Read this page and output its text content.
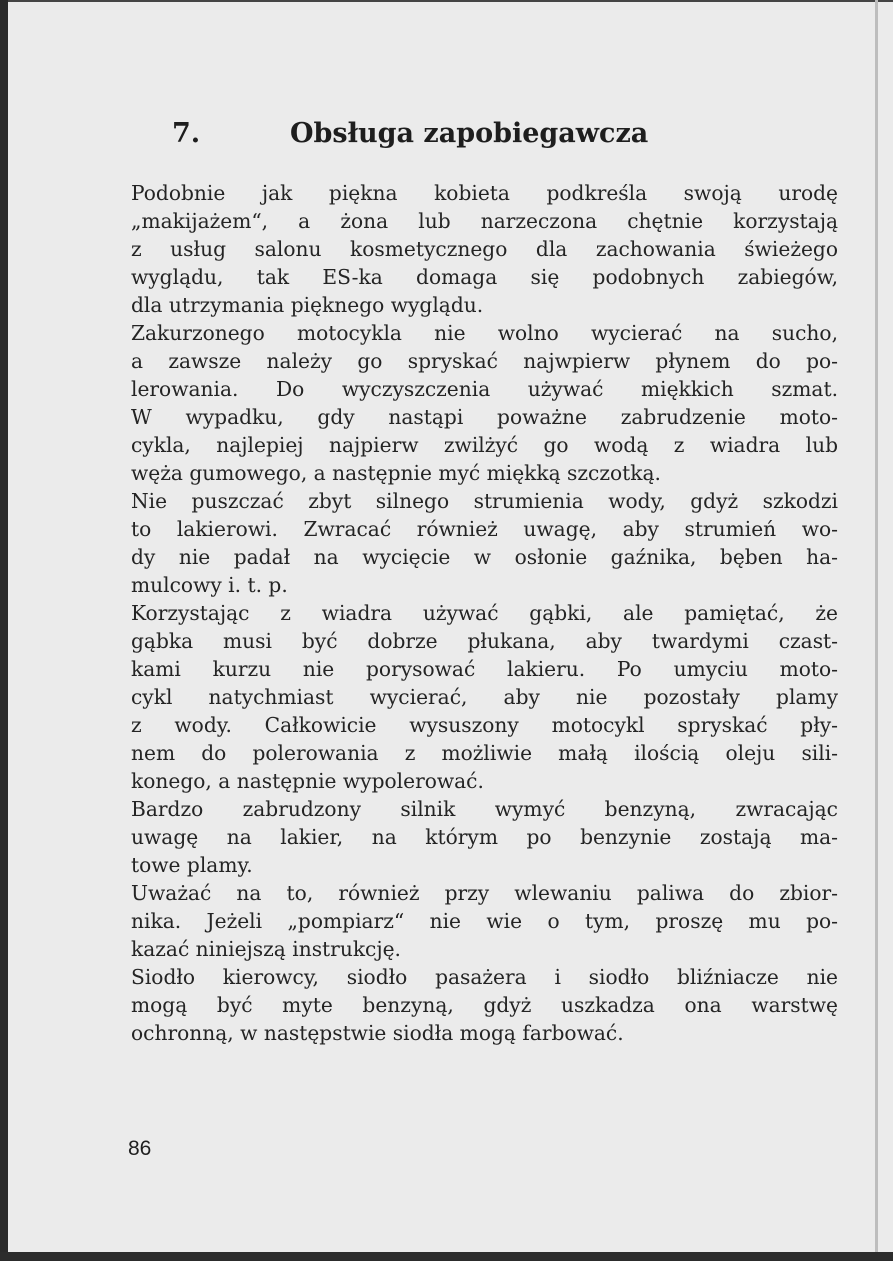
7.	Obsługa zapobiegawcza

Podobnie jak piękna kobieta podkreśla swoją urodę
„makijażem“, a żona lub narzeczona chętnie korzystają
z usług salonu kosmetycznego dla zachowania świeżego
wyglądu, tak ES-ka domaga się podobnych zabiegów,
dla utrzymania pięknego wyglądu.

Zakurzonego motocykla nie wolno wycierać na sucho,
a zawsze należy go spryskać najwpierw płynem do po-
lerowania. Do wyczyszczenia używać miękkich szmat.
W wypadku, gdy nastąpi poważne zabrudzenie moto-
cykla, najlepiej najpierw zwilżyć go wodą z wiadra lub
węża gumowego, a następnie myć miękką szczotką.

Nie puszczać zbyt silnego strumienia wody, gdyż szkodzi
to lakierowi. Zwracać również uwagę, aby strumień wo-
dy nie padał na wycięcie w osłonie gaźnika, bęben ha-
mulcowy i. t. p.

Korzystając z wiadra używać gąbki, ale pamiętać, że
gąbka musi być dobrze płukana, aby twardymi czast-
kami kurzu nie porysować lakieru. Po umyciu moto-
cykl natychmiast wycierać, aby nie pozostały plamy
z wody. Całkowicie wysuszony motocykl spryskać pły-
nem do polerowania z możliwie małą ilością oleju sili-
konego, a następnie wypolerować.

Bardzo zabrudzony silnik wymyć benzyną, zwracając
uwagę na lakier, na którym po benzynie zostają ma-
towe plamy.

Uważać na to, również przy wlewaniu paliwa do zbior-
nika. Jeżeli „pompiarz“ nie wie o tym, proszę mu po-
kazać niniejszą instrukcję.

Siodło kierowcy, siodło pasażera i siodło bliźniacze nie
mogą być myte benzyną, gdyż uszkadza ona warstwę
ochronną, w następstwie siodła mogą farbować.

86
